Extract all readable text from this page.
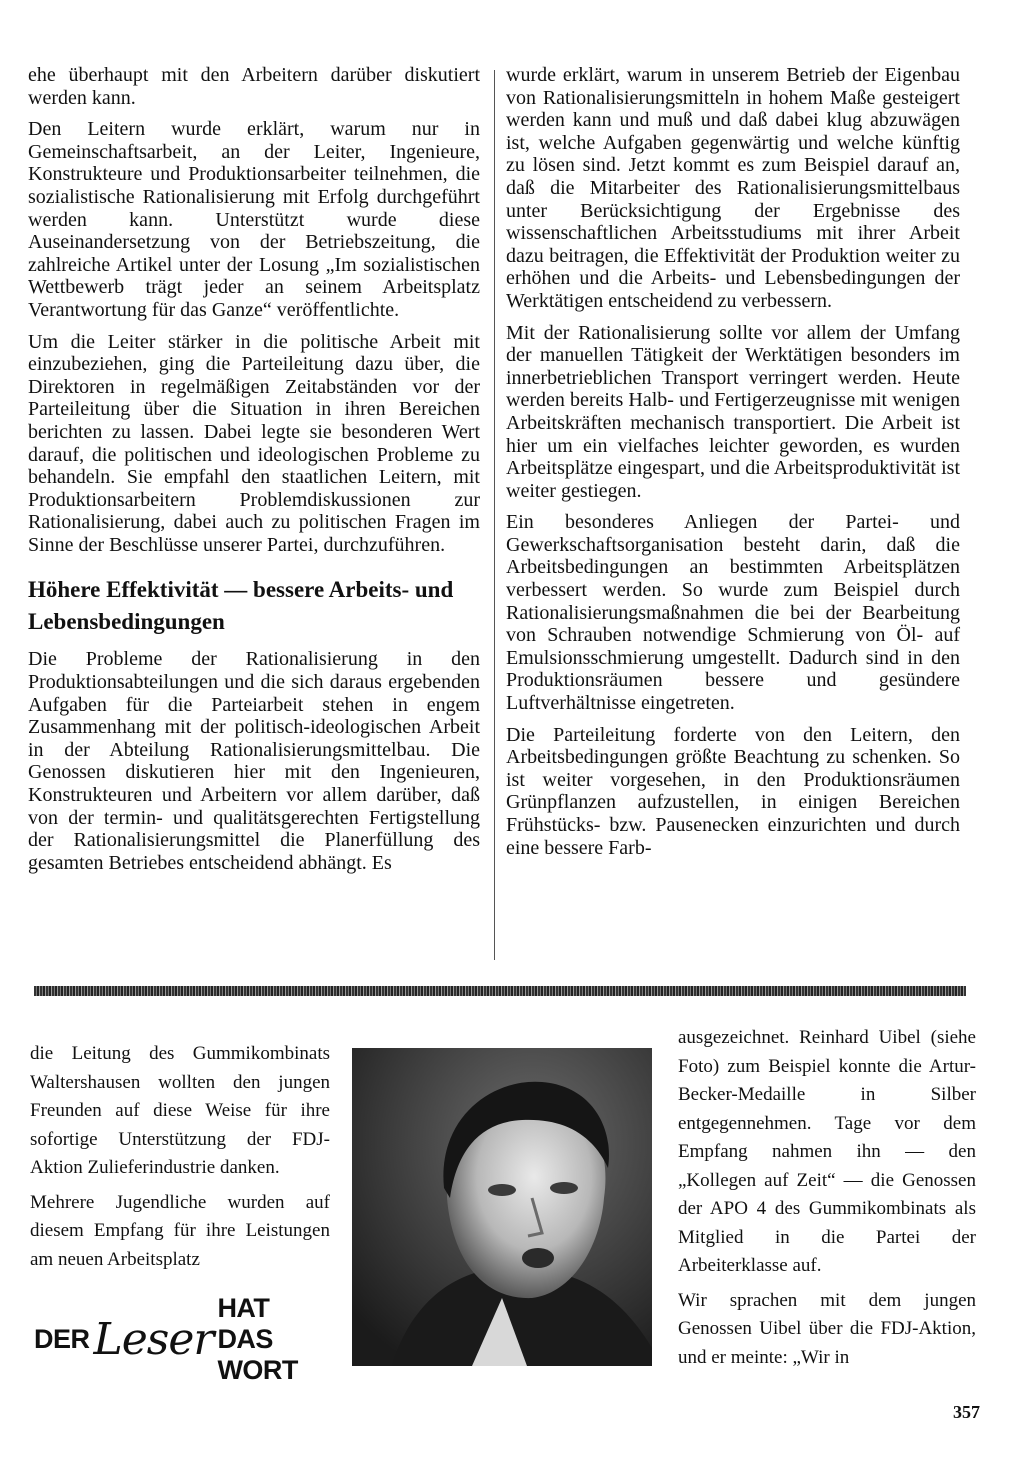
ehe überhaupt mit den Arbeitern darüber diskutiert werden kann.

Den Leitern wurde erklärt, warum nur in Gemeinschaftsarbeit, an der Leiter, Ingenieure, Konstrukteure und Produktionsarbeiter teilnehmen, die sozialistische Rationalisierung mit Erfolg durchgeführt werden kann. Unterstützt wurde diese Auseinandersetzung von der Betriebszeitung, die zahlreiche Artikel unter der Losung „Im sozialistischen Wettbewerb trägt jeder an seinem Arbeitsplatz Verantwortung für das Ganze“ veröffentlichte.

Um die Leiter stärker in die politische Arbeit mit einzubeziehen, ging die Parteileitung dazu über, die Direktoren in regelmäßigen Zeitabständen vor der Parteileitung über die Situation in ihren Bereichen berichten zu lassen. Dabei legte sie besonderen Wert darauf, die politischen und ideologischen Probleme zu behandeln. Sie empfahl den staatlichen Leitern, mit Produktionsarbeitern Problemdiskussionen zur Rationalisierung, dabei auch zu politischen Fragen im Sinne der Beschlüsse unserer Partei, durchzuführen.

Höhere Effektivität — bessere Arbeits- und Lebensbedingungen

Die Probleme der Rationalisierung in den Produktionsabteilungen und die sich daraus ergebenden Aufgaben für die Parteiarbeit stehen in engem Zusammenhang mit der politisch-ideologischen Arbeit in der Abteilung Rationalisierungsmittelbau. Die Genossen diskutieren hier mit den Ingenieuren, Konstrukteuren und Arbeitern vor allem darüber, daß von der termin- und qualitätsgerechten Fertigstellung der Rationalisierungsmittel die Planerfüllung des gesamten Betriebes entscheidend abhängt. Es

wurde erklärt, warum in unserem Betrieb der Eigenbau von Rationalisierungsmitteln in hohem Maße gesteigert werden kann und muß und daß dabei klug abzuwägen ist, welche Aufgaben gegenwärtig und welche künftig zu lösen sind. Jetzt kommt es zum Beispiel darauf an, daß die Mitarbeiter des Rationalisierungsmittelbaus unter Berücksichtigung der Ergebnisse des wissenschaftlichen Arbeitsstudiums mit ihrer Arbeit dazu beitragen, die Effektivität der Produktion weiter zu erhöhen und die Arbeits- und Lebensbedingungen der Werktätigen entscheidend zu verbessern.

Mit der Rationalisierung sollte vor allem der Umfang der manuellen Tätigkeit der Werktätigen besonders im innerbetrieblichen Transport verringert werden. Heute werden bereits Halb- und Fertigerzeugnisse mit wenigen Arbeitskräften mechanisch transportiert. Die Arbeit ist hier um ein vielfaches leichter geworden, es wurden Arbeitsplätze eingespart, und die Arbeitsproduktivität ist weiter gestiegen.

Ein besonderes Anliegen der Partei- und Gewerkschaftsorganisation besteht darin, daß die Arbeitsbedingungen an bestimmten Arbeitsplätzen verbessert werden. So wurde zum Beispiel durch Rationalisierungsmaßnahmen die bei der Bearbeitung von Schrauben notwendige Schmierung von Öl- auf Emulsionsschmierung umgestellt. Dadurch sind in den Produktionsräumen bessere und gesündere Luftverhältnisse eingetreten.

Die Parteileitung forderte von den Leitern, den Arbeitsbedingungen größte Beachtung zu schenken. So ist weiter vorgesehen, in den Produktionsräumen Grünpflanzen aufzustellen, in einigen Bereichen Frühstücks- bzw. Pausenecken einzurichten und durch eine bessere Farb-

die Leitung des Gummikombinats Waltershausen wollten den jungen Freunden auf diese Weise für ihre sofortige Unterstützung der FDJ-Aktion Zulieferindustrie danken.

Mehrere Jugendliche wurden auf diesem Empfang für ihre Leistungen am neuen Arbeitsplatz

ausgezeichnet. Reinhard Uibel (siehe Foto) zum Beispiel konnte die Artur-Becker-Medaille in Silber entgegennehmen. Tage vor dem Empfang nahmen ihn — den „Kollegen auf Zeit“ — die Genossen der APO 4 des Gummikombinats als Mitglied in die Partei der Arbeiterklasse auf.

Wir sprachen mit dem jungen Genossen Uibel über die FDJ-Aktion, und er meinte: „Wir in

DER Leser
HAT DAS WORT
357
